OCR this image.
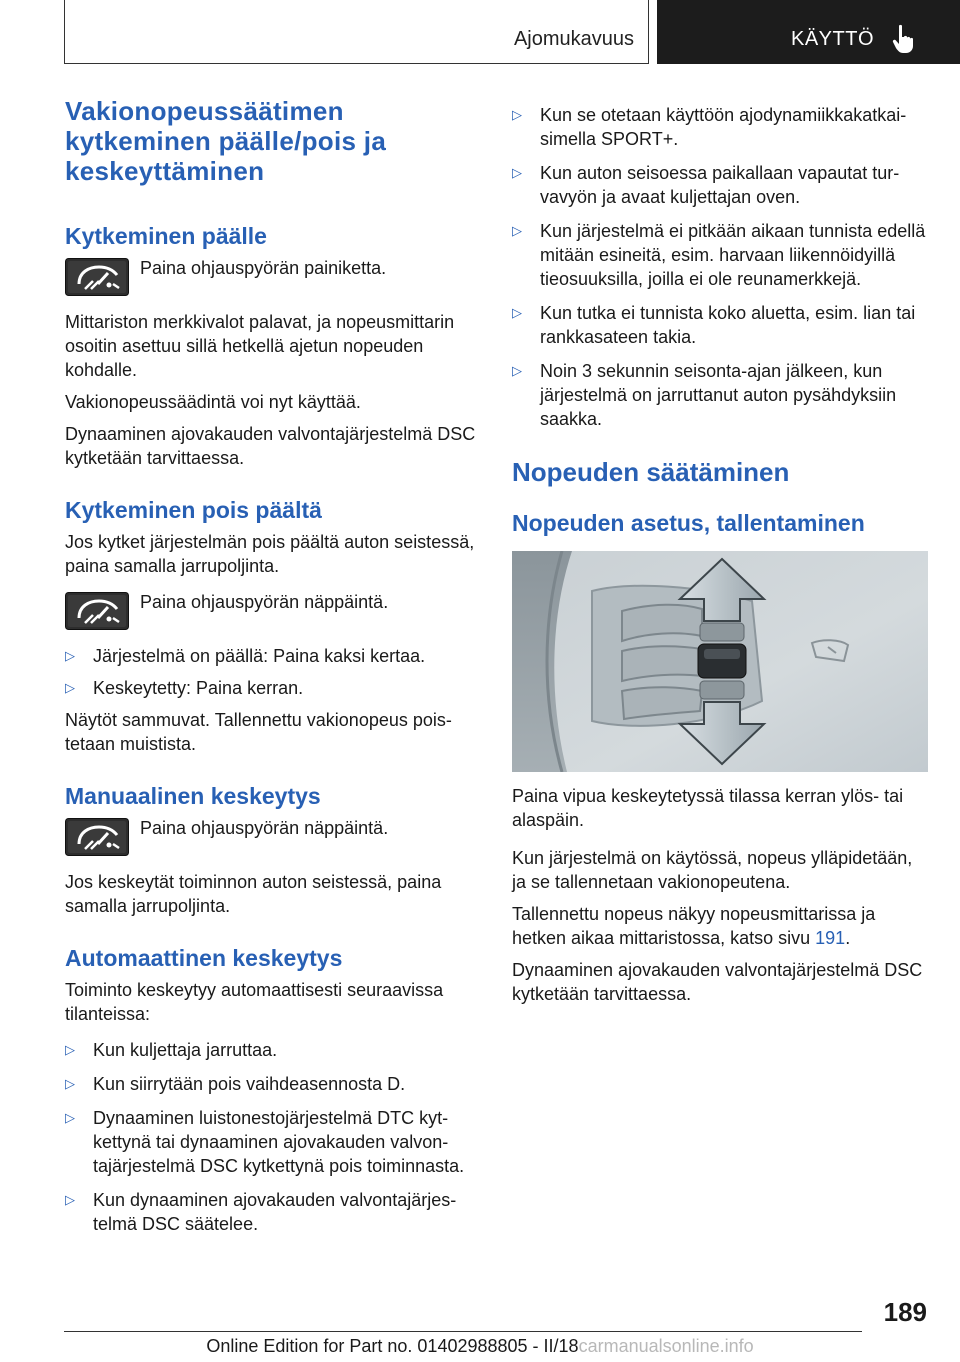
Ajomukavuus	KÄYTTÖ
Vakionopeussäätimen kytkeminen päälle/pois ja keskeyttäminen
Kytkeminen päälle

Paina ohjauspyörän painiketta.

Mittariston merkkivalot palavat, ja nopeusmittarin osoitin asettuu sillä hetkellä ajetun nopeuden kohdalle.

Vakionopeussäädintä voi nyt käyttää.

Dynaaminen ajovakauden valvontajärjestelmä DSC kytketään tarvittaessa.

Kytkeminen pois päältä

Jos kytket järjestelmän pois päältä auton seistessä, paina samalla jarrupoljinta.

Paina ohjauspyörän näppäintä.

▷	Järjestelmä on päällä: Paina kaksi kertaa.

▷	Keskeytetty: Paina kerran.

Näytöt sammuvat. Tallennettu vakionopeus poistetaan muistista.

Manuaalinen keskeytys

Paina ohjauspyörän näppäintä.

Jos keskeytät toiminnon auton seistessä, paina samalla jarrupoljinta.

Automaattinen keskeytys

Toiminto keskeytyy automaattisesti seuraavissa tilanteissa:

▷	Kun kuljettaja jarruttaa.

▷	Kun siirrytään pois vaihdeasennosta D.

▷	Dynaaminen luistonestojärjestelmä DTC kytkettynä tai dynaaminen ajovakauden valvontajärjestelmä DSC kytkettynä pois toiminnasta.

▷	Kun dynaaminen ajovakauden valvontajärjestelmä DSC säätelee.

▷	Kun se otetaan käyttöön ajodynamiikkakatkaisimella SPORT+.

▷	Kun auton seisoessa paikallaan vapautat turvavyön ja avaat kuljettajan oven.

▷	Kun järjestelmä ei pitkään aikaan tunnista edellä mitään esineitä, esim. harvaan liikennöidyillä tieosuuksilla, joilla ei ole reunamerkkejä.

▷	Kun tutka ei tunnista koko aluetta, esim. lian tai rankkasateen takia.

▷	Noin 3 sekunnin seisonta-ajan jälkeen, kun järjestelmä on jarruttanut auton pysähdyksiin saakka.

Nopeuden säätäminen
Nopeuden asetus, tallentaminen

Paina vipua keskeytetyssä tilassa kerran ylös- tai alaspäin.

Kun järjestelmä on käytössä, nopeus ylläpidetään, ja se tallennetaan vakionopeutena.

Tallennettu nopeus näkyy nopeusmittarissa ja hetken aikaa mittaristossa, katso sivu 191.

Dynaaminen ajovakauden valvontajärjestelmä DSC kytketään tarvittaessa.

189
Online Edition for Part no. 01402988805 - II/18carmanualsonline.info
